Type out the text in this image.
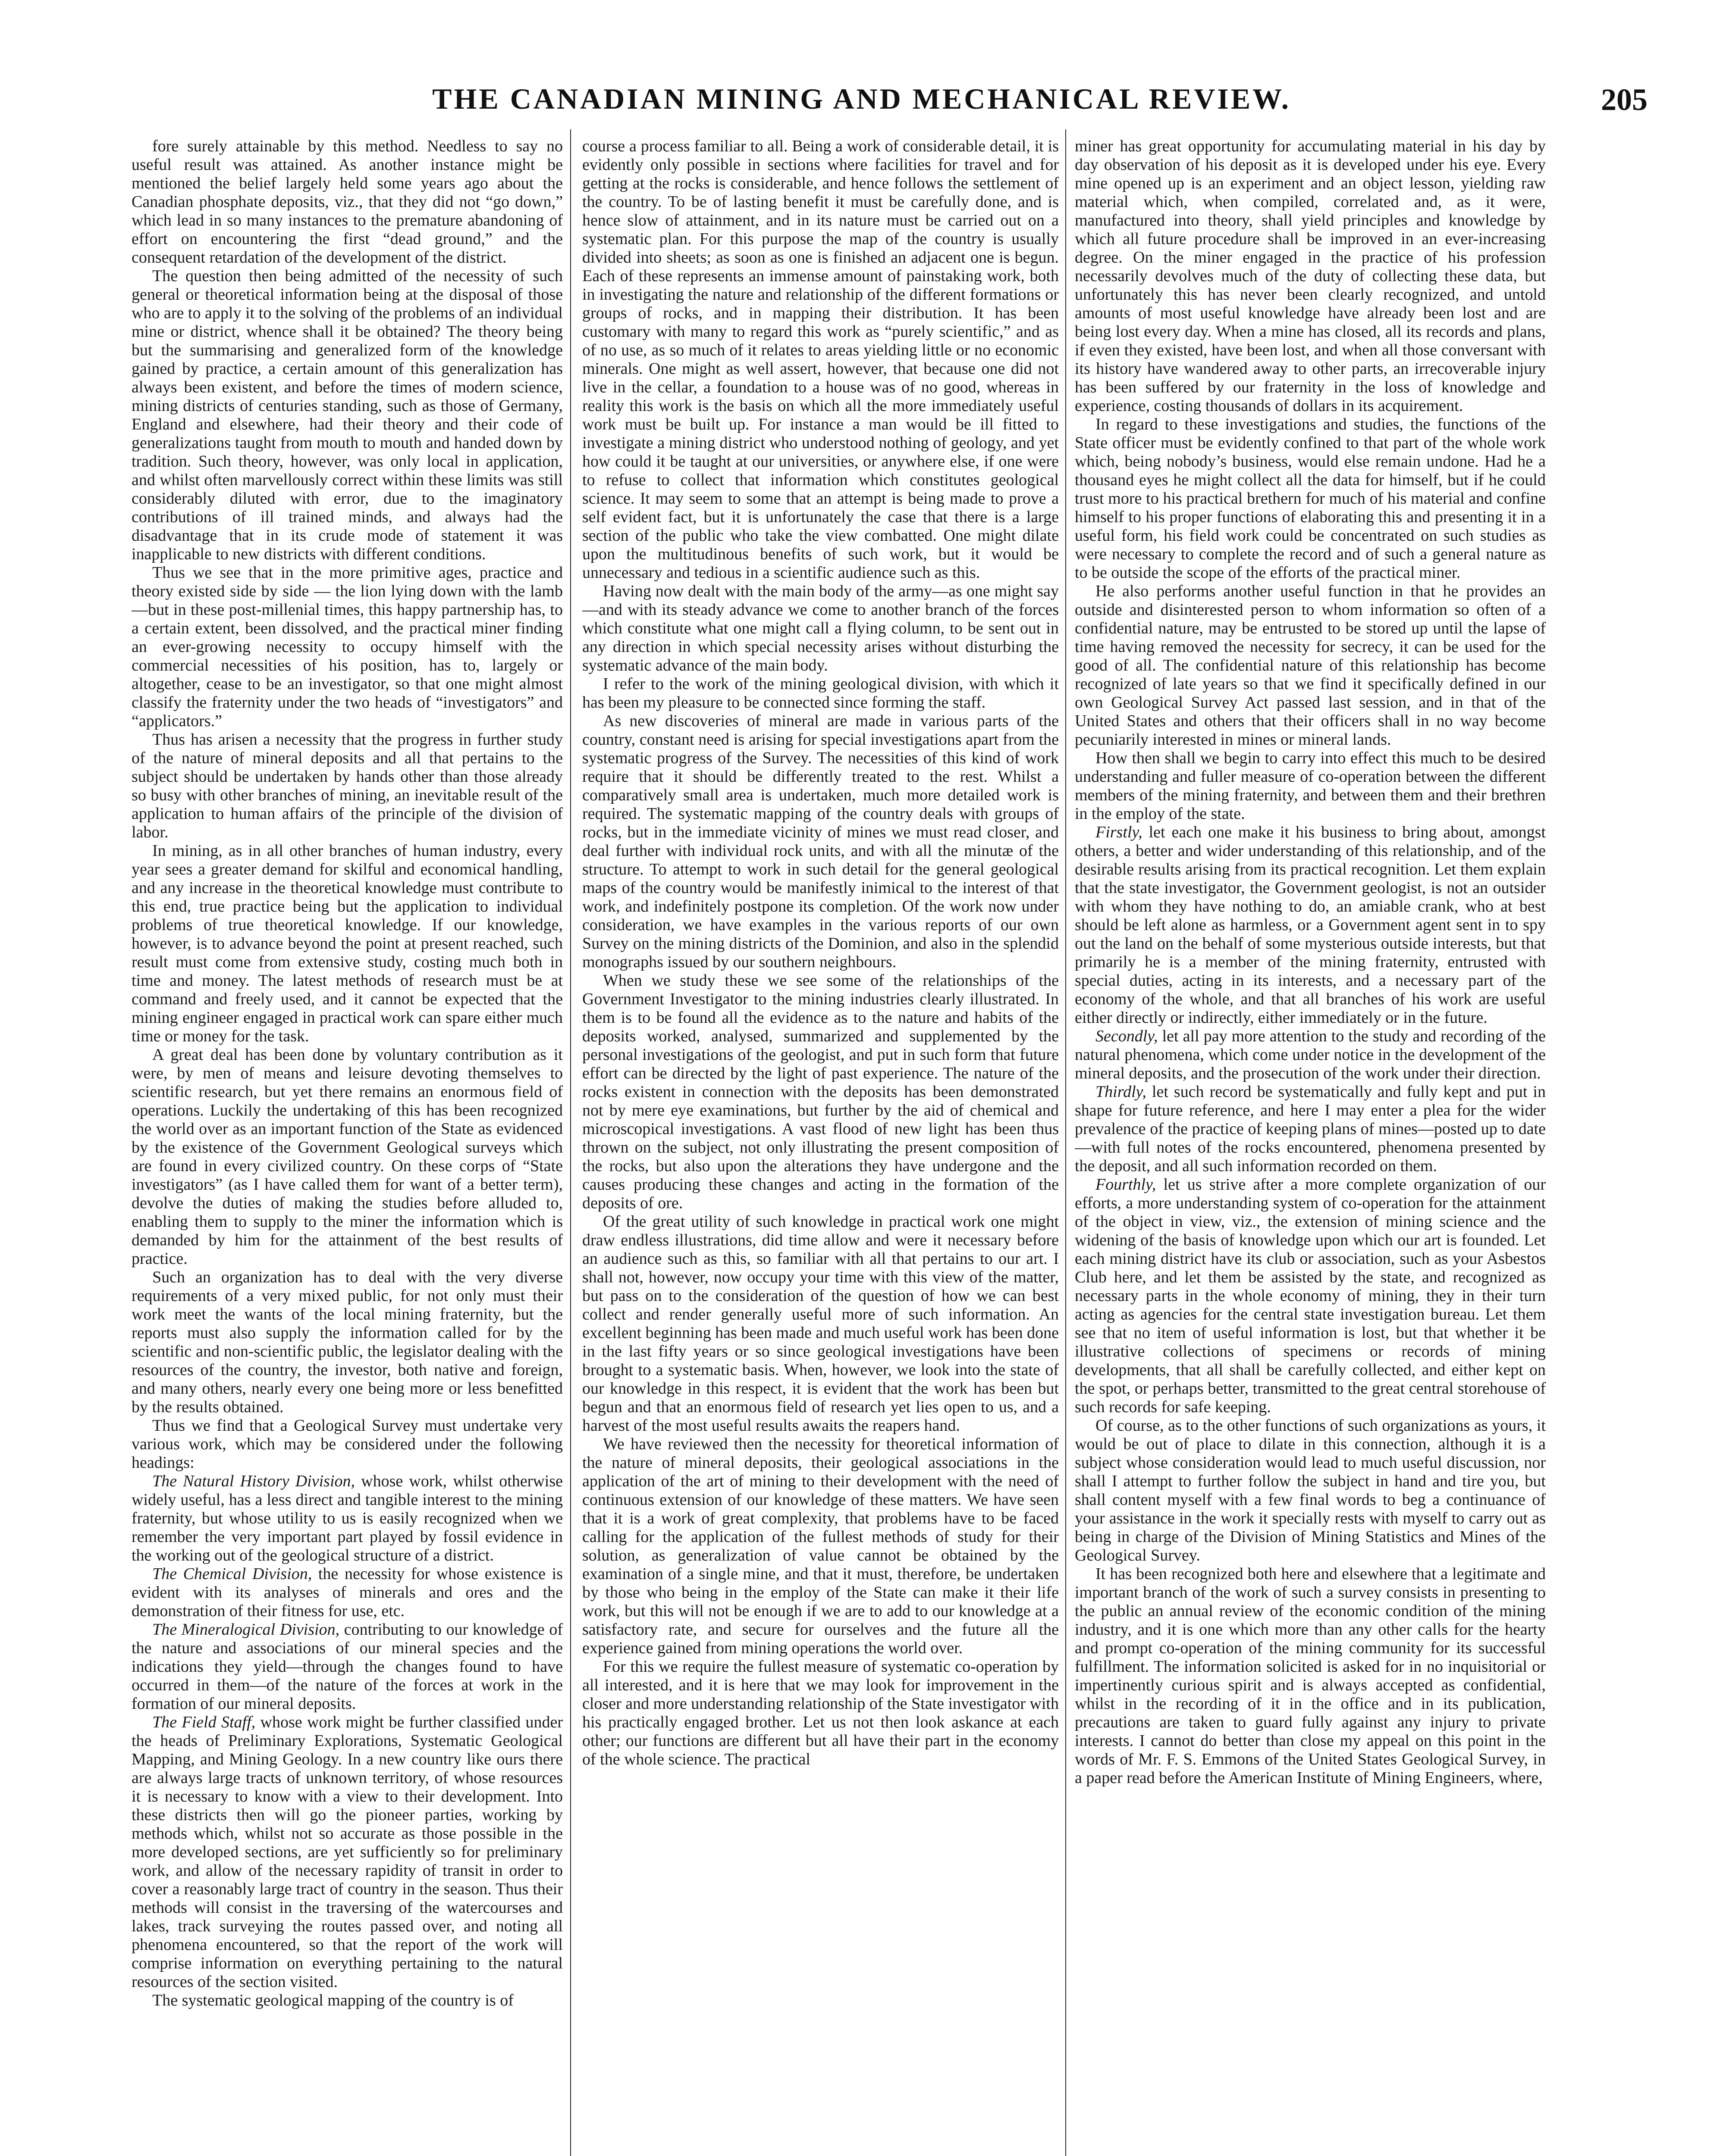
THE CANADIAN MINING AND MECHANICAL REVIEW.	205

fore surely attainable by this method. Needless to say no useful result was attained. As another instance might be mentioned the belief largely held some years ago about the Canadian phosphate deposits, viz., that they did not “go down,” which lead in so many instances to the premature abandoning of effort on encountering the first “dead ground,” and the consequent retardation of the development of the district.

The question then being admitted of the necessity of such general or theoretical information being at the disposal of those who are to apply it to the solving of the problems of an individual mine or district, whence shall it be obtained? The theory being but the summarising and generalized form of the knowledge gained by practice, a certain amount of this generalization has always been existent, and before the times of modern science, mining districts of centuries standing, such as those of Germany, England and elsewhere, had their theory and their code of generalizations taught from mouth to mouth and handed down by tradition. Such theory, however, was only local in application, and whilst often marvellously correct within these limits was still considerably diluted with error, due to the imaginatory contributions of ill trained minds, and always had the disadvantage that in its crude mode of statement it was inapplicable to new districts with different conditions.

Thus we see that in the more primitive ages, practice and theory existed side by side — the lion lying down with the lamb—but in these post-millenial times, this happy partnership has, to a certain extent, been dissolved, and the practical miner finding an ever-growing necessity to occupy himself with the commercial necessities of his position, has to, largely or altogether, cease to be an investigator, so that one might almost classify the fraternity under the two heads of “investigators” and “applicators.”

Thus has arisen a necessity that the progress in further study of the nature of mineral deposits and all that pertains to the subject should be undertaken by hands other than those already so busy with other branches of mining, an inevitable result of the application to human affairs of the principle of the division of labor.

In mining, as in all other branches of human industry, every year sees a greater demand for skilful and economical handling, and any increase in the theoretical knowledge must contribute to this end, true practice being but the application to individual problems of true theoretical knowledge. If our knowledge, however, is to advance beyond the point at present reached, such result must come from extensive study, costing much both in time and money. The latest methods of research must be at command and freely used, and it cannot be expected that the mining engineer engaged in practical work can spare either much time or money for the task.

A great deal has been done by voluntary contribution as it were, by men of means and leisure devoting themselves to scientific research, but yet there remains an enormous field of operations. Luckily the undertaking of this has been recognized the world over as an important function of the State as evidenced by the existence of the Government Geological surveys which are found in every civilized country. On these corps of “State investigators” (as I have called them for want of a better term), devolve the duties of making the studies before alluded to, enabling them to supply to the miner the information which is demanded by him for the attainment of the best results of practice.

Such an organization has to deal with the very diverse requirements of a very mixed public, for not only must their work meet the wants of the local mining fraternity, but the reports must also supply the information called for by the scientific and non-scientific public, the legislator dealing with the resources of the country, the investor, both native and foreign, and many others, nearly every one being more or less benefitted by the results obtained.

Thus we find that a Geological Survey must undertake very various work, which may be considered under the following headings:

The Natural History Division, whose work, whilst otherwise widely useful, has a less direct and tangible interest to the mining fraternity, but whose utility to us is easily recognized when we remember the very important part played by fossil evidence in the working out of the geological structure of a district.

The Chemical Division, the necessity for whose existence is evident with its analyses of minerals and ores and the demonstration of their fitness for use, etc.

The Mineralogical Division, contributing to our knowledge of the nature and associations of our mineral species and the indications they yield—through the changes found to have occurred in them—of the nature of the forces at work in the formation of our mineral deposits.

The Field Staff, whose work might be further classified under the heads of Preliminary Explorations, Systematic Geological Mapping, and Mining Geology. In a new country like ours there are always large tracts of unknown territory, of whose resources it is necessary to know with a view to their development. Into these districts then will go the pioneer parties, working by methods which, whilst not so accurate as those possible in the more developed sections, are yet sufficiently so for preliminary work, and allow of the necessary rapidity of transit in order to cover a reasonably large tract of country in the season. Thus their methods will consist in the traversing of the watercourses and lakes, track surveying the routes passed over, and noting all phenomena encountered, so that the report of the work will comprise information on everything pertaining to the natural resources of the section visited.

The systematic geological mapping of the country is of

course a process familiar to all. Being a work of considerable detail, it is evidently only possible in sections where facilities for travel and for getting at the rocks is considerable, and hence follows the settlement of the country. To be of lasting benefit it must be carefully done, and is hence slow of attainment, and in its nature must be carried out on a systematic plan. For this purpose the map of the country is usually divided into sheets; as soon as one is finished an adjacent one is begun. Each of these represents an immense amount of painstaking work, both in investigating the nature and relationship of the different formations or groups of rocks, and in mapping their distribution. It has been customary with many to regard this work as “purely scientific,” and as of no use, as so much of it relates to areas yielding little or no economic minerals. One might as well assert, however, that because one did not live in the cellar, a foundation to a house was of no good, whereas in reality this work is the basis on which all the more immediately useful work must be built up. For instance a man would be ill fitted to investigate a mining district who understood nothing of geology, and yet how could it be taught at our universities, or anywhere else, if one were to refuse to collect that information which constitutes geological science. It may seem to some that an attempt is being made to prove a self evident fact, but it is unfortunately the case that there is a large section of the public who take the view combatted. One might dilate upon the multitudinous benefits of such work, but it would be unnecessary and tedious in a scientific audience such as this.

Having now dealt with the main body of the army—as one might say—and with its steady advance we come to another branch of the forces which constitute what one might call a flying column, to be sent out in any direction in which special necessity arises without disturbing the systematic advance of the main body.

I refer to the work of the mining geological division, with which it has been my pleasure to be connected since forming the staff.

As new discoveries of mineral are made in various parts of the country, constant need is arising for special investigations apart from the systematic progress of the Survey. The necessities of this kind of work require that it should be differently treated to the rest. Whilst a comparatively small area is undertaken, much more detailed work is required. The systematic mapping of the country deals with groups of rocks, but in the immediate vicinity of mines we must read closer, and deal further with individual rock units, and with all the minutæ of the structure. To attempt to work in such detail for the general geological maps of the country would be manifestly inimical to the interest of that work, and indefinitely postpone its completion. Of the work now under consideration, we have examples in the various reports of our own Survey on the mining districts of the Dominion, and also in the splendid monographs issued by our southern neighbours.

When we study these we see some of the relationships of the Government Investigator to the mining industries clearly illustrated. In them is to be found all the evidence as to the nature and habits of the deposits worked, analysed, summarized and supplemented by the personal investigations of the geologist, and put in such form that future effort can be directed by the light of past experience. The nature of the rocks existent in connection with the deposits has been demonstrated not by mere eye examinations, but further by the aid of chemical and microscopical investigations. A vast flood of new light has been thus thrown on the subject, not only illustrating the present composition of the rocks, but also upon the alterations they have undergone and the causes producing these changes and acting in the formation of the deposits of ore.

Of the great utility of such knowledge in practical work one might draw endless illustrations, did time allow and were it necessary before an audience such as this, so familiar with all that pertains to our art. I shall not, however, now occupy your time with this view of the matter, but pass on to the consideration of the question of how we can best collect and render generally useful more of such information. An excellent beginning has been made and much useful work has been done in the last fifty years or so since geological investigations have been brought to a systematic basis. When, however, we look into the state of our knowledge in this respect, it is evident that the work has been but begun and that an enormous field of research yet lies open to us, and a harvest of the most useful results awaits the reapers hand.

We have reviewed then the necessity for theoretical information of the nature of mineral deposits, their geological associations in the application of the art of mining to their development with the need of continuous extension of our knowledge of these matters. We have seen that it is a work of great complexity, that problems have to be faced calling for the application of the fullest methods of study for their solution, as generalization of value cannot be obtained by the examination of a single mine, and that it must, therefore, be undertaken by those who being in the employ of the State can make it their life work, but this will not be enough if we are to add to our knowledge at a satisfactory rate, and secure for ourselves and the future all the experience gained from mining operations the world over.

For this we require the fullest measure of systematic co-operation by all interested, and it is here that we may look for improvement in the closer and more understanding relationship of the State investigator with his practically engaged brother. Let us not then look askance at each other; our functions are different but all have their part in the economy of the whole science. The practical

miner has great opportunity for accumulating material in his day by day observation of his deposit as it is developed under his eye. Every mine opened up is an experiment and an object lesson, yielding raw material which, when compiled, correlated and, as it were, manufactured into theory, shall yield principles and knowledge by which all future procedure shall be improved in an ever-increasing degree. On the miner engaged in the practice of his profession necessarily devolves much of the duty of collecting these data, but unfortunately this has never been clearly recognized, and untold amounts of most useful knowledge have already been lost and are being lost every day. When a mine has closed, all its records and plans, if even they existed, have been lost, and when all those conversant with its history have wandered away to other parts, an irrecoverable injury has been suffered by our fraternity in the loss of knowledge and experience, costing thousands of dollars in its acquirement.

In regard to these investigations and studies, the functions of the State officer must be evidently confined to that part of the whole work which, being nobody’s business, would else remain undone. Had he a thousand eyes he might collect all the data for himself, but if he could trust more to his practical brethern for much of his material and confine himself to his proper functions of elaborating this and presenting it in a useful form, his field work could be concentrated on such studies as were necessary to complete the record and of such a general nature as to be outside the scope of the efforts of the practical miner.

He also performs another useful function in that he provides an outside and disinterested person to whom information so often of a confidential nature, may be entrusted to be stored up until the lapse of time having removed the necessity for secrecy, it can be used for the good of all. The confidential nature of this relationship has become recognized of late years so that we find it specifically defined in our own Geological Survey Act passed last session, and in that of the United States and others that their officers shall in no way become pecuniarily interested in mines or mineral lands.

How then shall we begin to carry into effect this much to be desired understanding and fuller measure of co-operation between the different members of the mining fraternity, and between them and their brethren in the employ of the state.

Firstly, let each one make it his business to bring about, amongst others, a better and wider understanding of this relationship, and of the desirable results arising from its practical recognition. Let them explain that the state investigator, the Government geologist, is not an outsider with whom they have nothing to do, an amiable crank, who at best should be left alone as harmless, or a Government agent sent in to spy out the land on the behalf of some mysterious outside interests, but that primarily he is a member of the mining fraternity, entrusted with special duties, acting in its interests, and a necessary part of the economy of the whole, and that all branches of his work are useful either directly or indirectly, either immediately or in the future.

Secondly, let all pay more attention to the study and recording of the natural phenomena, which come under notice in the development of the mineral deposits, and the prosecution of the work under their direction.

Thirdly, let such record be systematically and fully kept and put in shape for future reference, and here I may enter a plea for the wider prevalence of the practice of keeping plans of mines—posted up to date—with full notes of the rocks encountered, phenomena presented by the deposit, and all such information recorded on them.

Fourthly, let us strive after a more complete organization of our efforts, a more understanding system of co-operation for the attainment of the object in view, viz., the extension of mining science and the widening of the basis of knowledge upon which our art is founded. Let each mining district have its club or association, such as your Asbestos Club here, and let them be assisted by the state, and recognized as necessary parts in the whole economy of mining, they in their turn acting as agencies for the central state investigation bureau. Let them see that no item of useful information is lost, but that whether it be illustrative collections of specimens or records of mining developments, that all shall be carefully collected, and either kept on the spot, or perhaps better, transmitted to the great central storehouse of such records for safe keeping.

Of course, as to the other functions of such organizations as yours, it would be out of place to dilate in this connection, although it is a subject whose consideration would lead to much useful discussion, nor shall I attempt to further follow the subject in hand and tire you, but shall content myself with a few final words to beg a continuance of your assistance in the work it specially rests with myself to carry out as being in charge of the Division of Mining Statistics and Mines of the Geological Survey.

It has been recognized both here and elsewhere that a legitimate and important branch of the work of such a survey consists in presenting to the public an annual review of the economic condition of the mining industry, and it is one which more than any other calls for the hearty and prompt co-operation of the mining community for its successful fulfillment. The information solicited is asked for in no inquisitorial or impertinently curious spirit and is always accepted as confidential, whilst in the recording of it in the office and in its publication, precautions are taken to guard fully against any injury to private interests. I cannot do better than close my appeal on this point in the words of Mr. F. S. Emmons of the United States Geological Survey, in a paper read before the American Institute of Mining Engineers, where,
